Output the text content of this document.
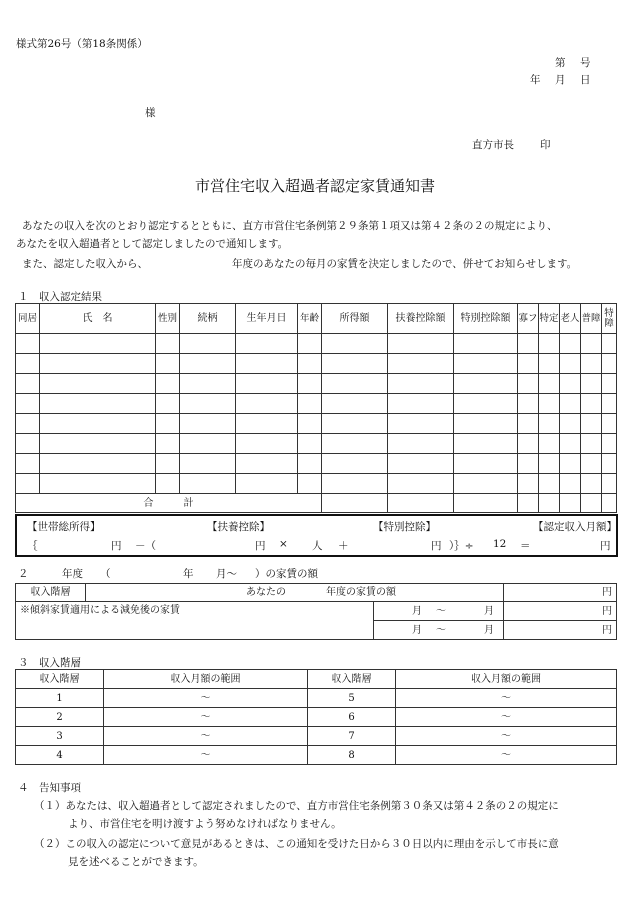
様式第26号（第18条関係）
第 号
年 月 日
様
直方市長 印
市営住宅収入超過者認定家賃通知書
あなたの収入を次のとおり認定するとともに、直方市営住宅条例第２９条第１項又は第４２条の２の規定により、
あなたを収入超過者として認定しましたので通知します。
また、認定した収入から、	年度のあなたの毎月の家賃を決定しましたので、併せてお知らせします。
１　収入認定結果
同居	氏　名	性別	続柄	生年月日	年齢	所得額	扶養控除額	特別控除額	寡フ	特定	老人	普障	特障

合　　　計													
【世帯総所得】	【扶養控除】	【特別控除】	【認定収入月額】
｛	円 －（	円 × 人 ＋	円 ）｝÷ 12 ＝	円
２	年度 （	年 月～ ）の家賃の額
収入階層	あなたの 年度の家賃の額		円
※傾斜家賃適用による減免後の家賃		月 ～ 月	円

		月 ～ 月	円
３　収入階層
収入階層	収入月額の範囲	収入階層	収入月額の範囲
1	～	5	～
2	～	6	～
3	～	7	～
4	～	8	～
４　告知事項
（１）あなたは、収入超過者として認定されましたので、直方市営住宅条例第３０条又は第４２条の２の規定に
より、市営住宅を明け渡すよう努めなければなりません。
（２）この収入の認定について意見があるときは、この通知を受けた日から３０日以内に理由を示して市長に意
見を述べることができます。
